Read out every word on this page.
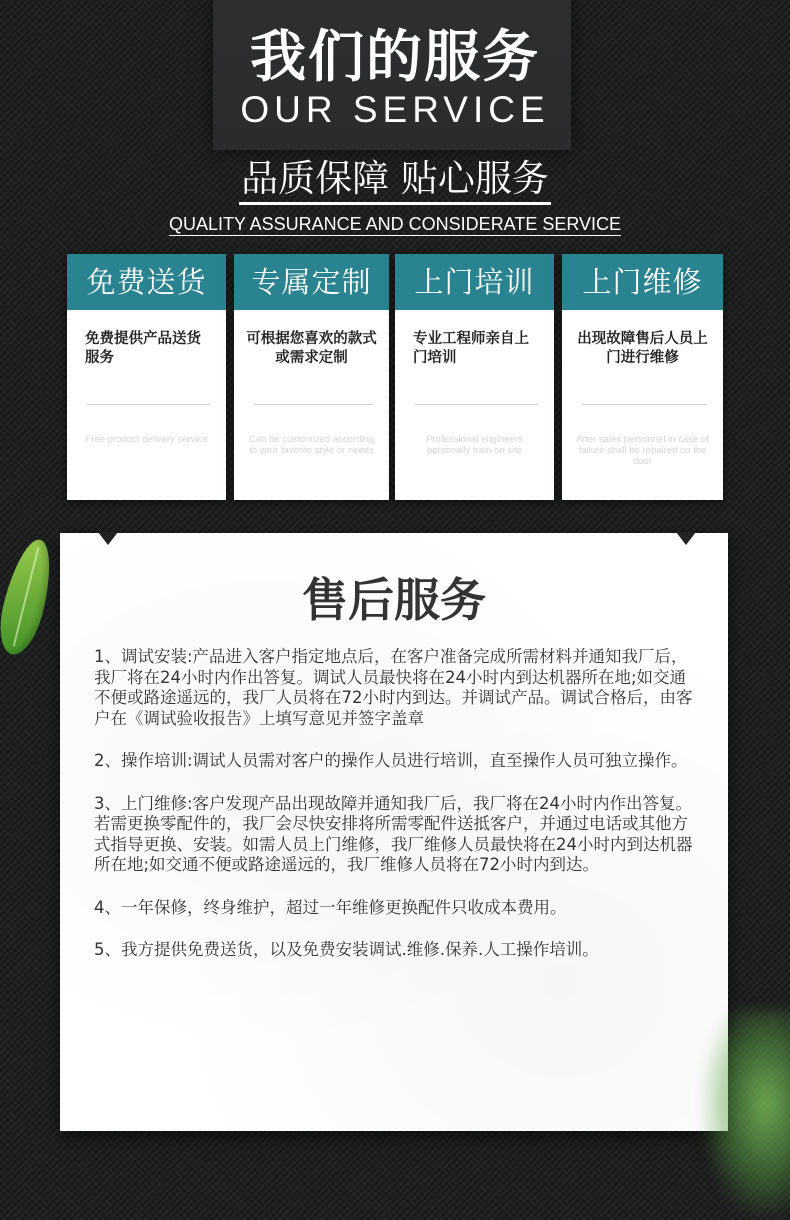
我们的服务
OUR SERVICE
品质保障 贴心服务
QUALITY ASSURANCE AND CONSIDERATE SERVICE
免费送货
免费提供产品送货服务
Free product delivery service
专属定制
可根据您喜欢的款式或需求定制
Can be customized according to your favorite style or needs
上门培训
专业工程师亲自上门培训
Professional engineers personally train on site
上门维修
出现故障售后人员上门进行维修
After sales personnel in case of failure shall be repaired on the door
售后服务

1、调试安装:产品进入客户指定地点后，在客户准备完成所需材料并通知我厂后，我厂将在24小时内作出答复。调试人员最快将在24小时内到达机器所在地;如交通不便或路途遥远的，我厂人员将在72小时内到达。并调试产品。调试合格后，由客户在《调试验收报告》上填写意见并签字盖章

2、操作培训:调试人员需对客户的操作人员进行培训，直至操作人员可独立操作。

3、上门维修:客户发现产品出现故障并通知我厂后，我厂将在24小时内作出答复。若需更换零配件的，我厂会尽快安排将所需零配件送抵客户，并通过电话或其他方式指导更换、安装。如需人员上门维修，我厂维修人员最快将在24小时内到达机器所在地;如交通不便或路途遥远的，我厂维修人员将在72小时内到达。

4、一年保修，终身维护，超过一年维修更换配件只收成本费用。

5、我方提供免费送货，以及免费安装调试.维修.保养.人工操作培训。
